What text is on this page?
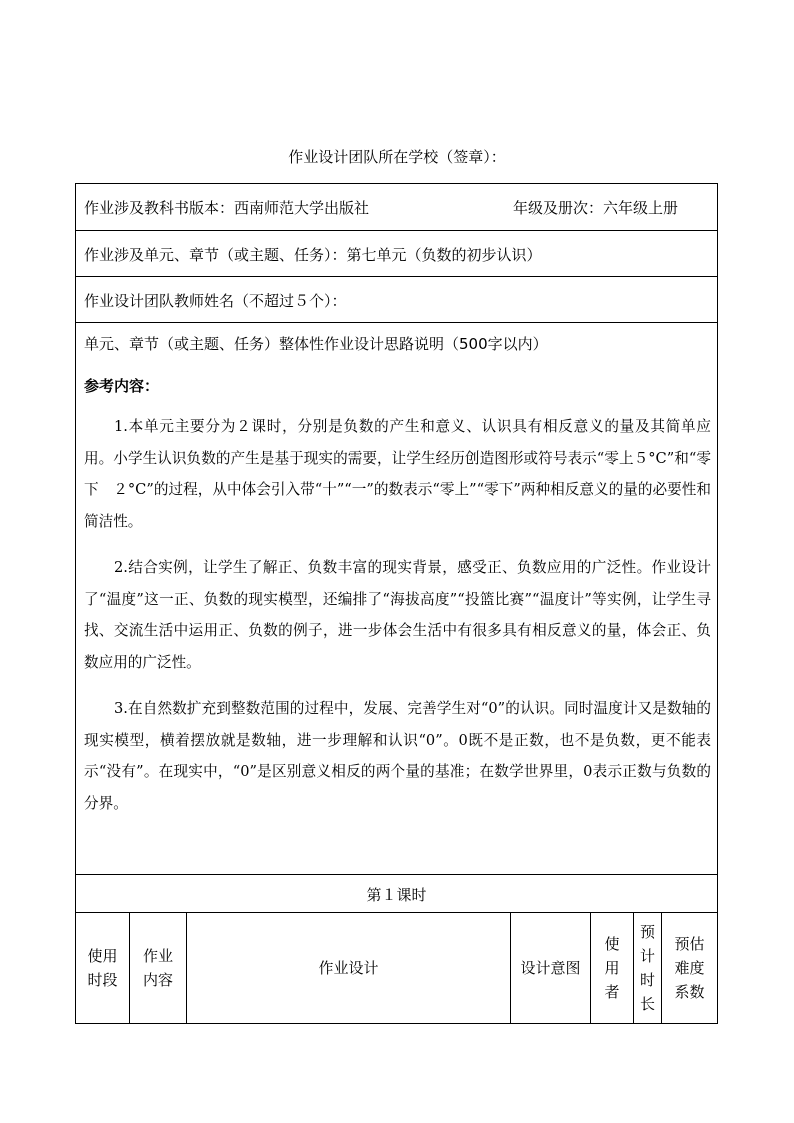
作业设计团队所在学校（签章）：
作业涉及教科书版本：西南师范大学出版社	年级及册次：六年级上册
作业涉及单元、章节（或主题、任务）：第七单元（负数的初步认识）
作业设计团队教师姓名（不超过５个）：
单元、章节（或主题、任务）整体性作业设计思路说明（500字以内）
参考内容：

1.本单元主要分为２课时，分别是负数的产生和意义、认识具有相反意义的量及其简单应用。小学生认识负数的产生是基于现实的需要，让学生经历创造图形或符号表示“零上５°C”和“零下　２°C”的过程，从中体会引入带“十”“一”的数表示“零上”“零下”两种相反意义的量的必要性和简洁性。

2.结合实例，让学生了解正、负数丰富的现实背景，感受正、负数应用的广泛性。作业设计了“温度”这一正、负数的现实模型，还编排了“海拔高度”“投篮比赛”“温度计”等实例，让学生寻找、交流生活中运用正、负数的例子，进一步体会生活中有很多具有相反意义的量，体会正、负数应用的广泛性。

3.在自然数扩充到整数范围的过程中，发展、完善学生对“0”的认识。同时温度计又是数轴的现实模型，横着摆放就是数轴，进一步理解和认识“0”。0既不是正数，也不是负数，更不能表示“没有”。在现实中，“0”是区别意义相反的两个量的基准；在数学世界里，0表示正数与负数的分界。

第１课时
使用时段
作业内容
作业设计	设计意图
使用者
预计时长
预估难度系数
